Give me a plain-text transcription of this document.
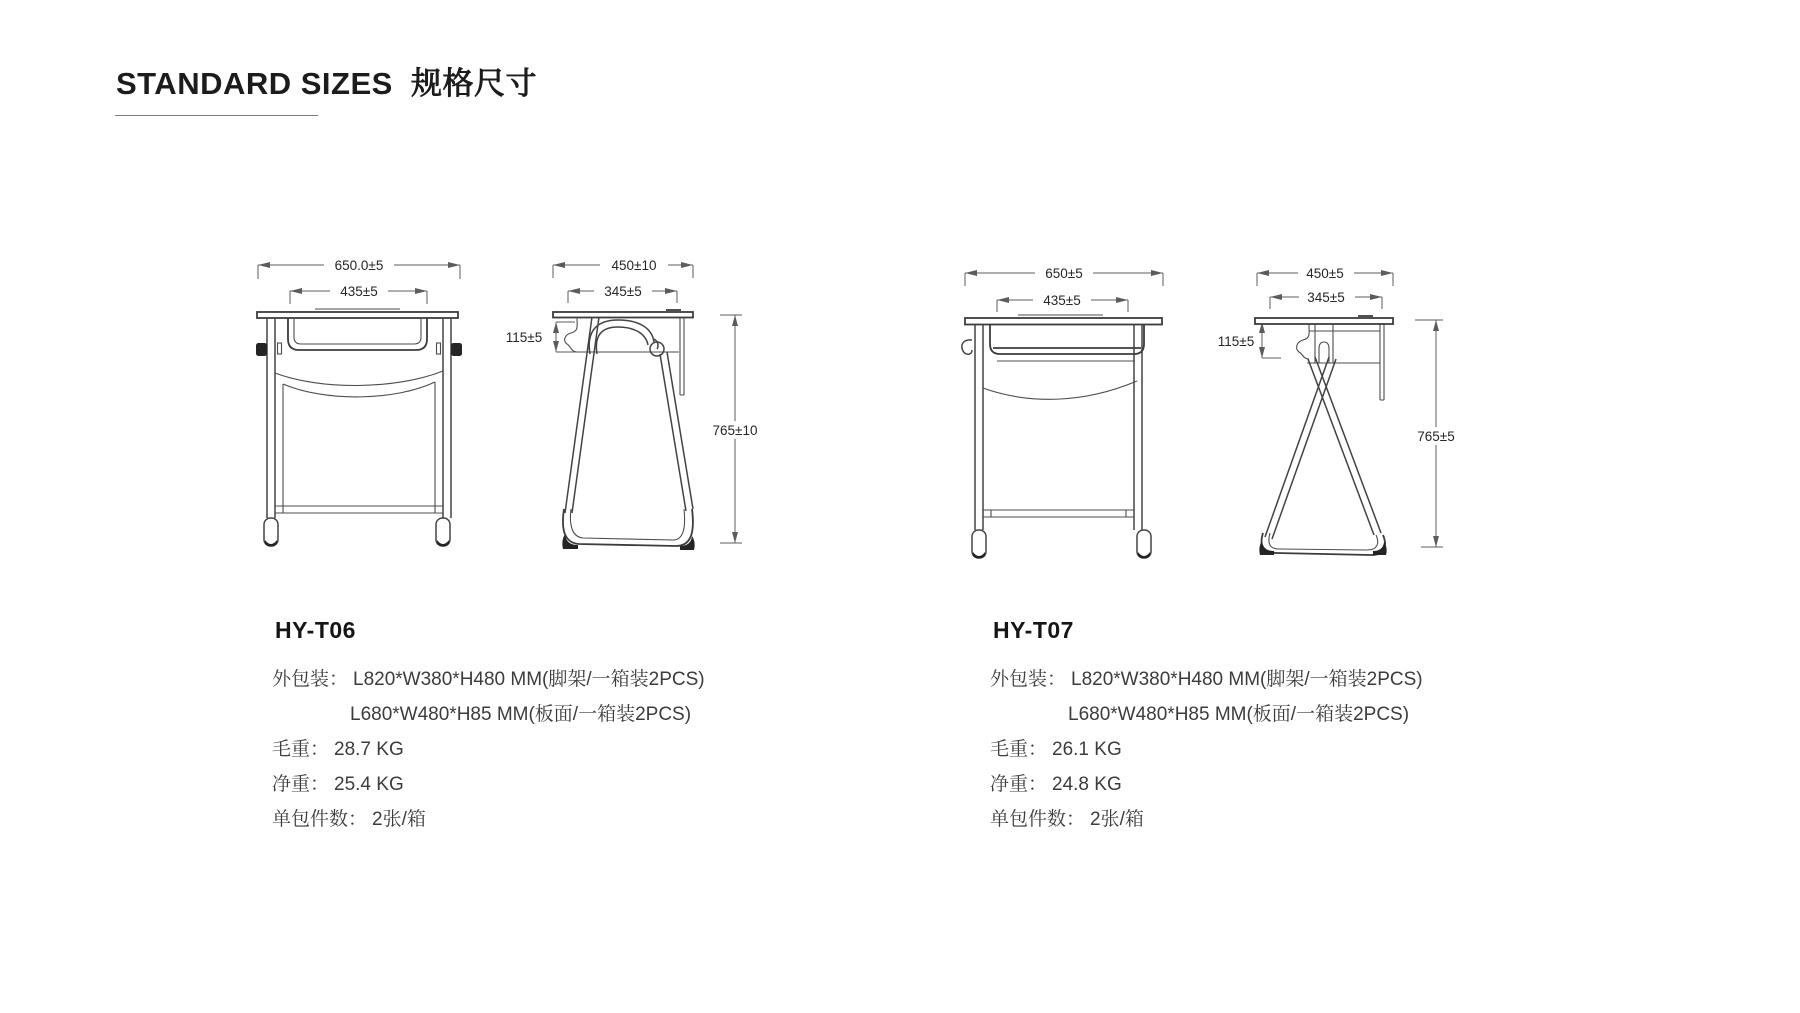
STANDARD SIZES  规格尺寸
650.0±5
435±5
450±10
345±5
115±5
765±10
650±5
435±5
450±5
345±5
115±5
765±5
HY-T06
外包装： L820*W380*H480 MM(脚架/一箱装2PCS)
L680*W480*H85 MM(板面/一箱装2PCS)
毛重： 28.7 KG
净重： 25.4 KG
单包件数： 2张/箱
HY-T07
外包装： L820*W380*H480 MM(脚架/一箱装2PCS)
L680*W480*H85 MM(板面/一箱装2PCS)
毛重： 26.1 KG
净重： 24.8 KG
单包件数： 2张/箱
